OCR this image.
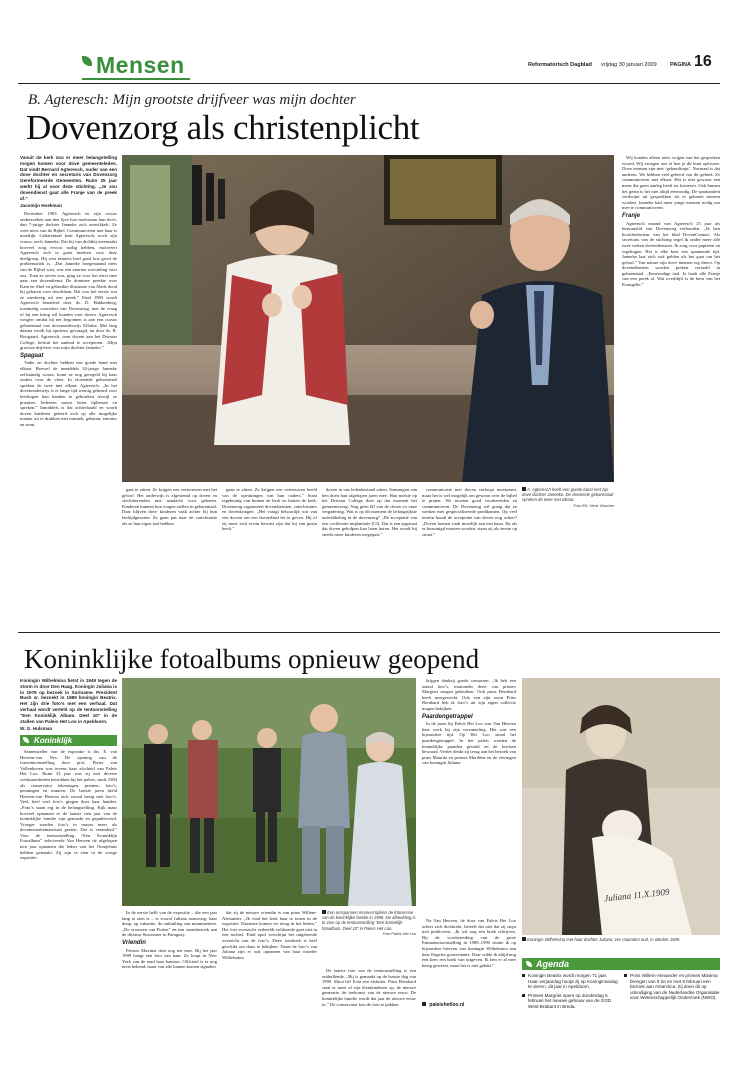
Mensen	Reformatorisch Dagblad vrijdag 30 januari 2009 PAGINA 16
B. Agteresch: Mijn grootste drijfveer was mijn dochter
Dovenzorg als christenplicht

Vanuit de kerk zou er meer belangstelling mogen komen voor dove gemeenteleden. Dat vindt Bernard Agteresch, ouder van een dove dochter en secretaris van Dovenzorg Gereformeerde Gemeenten. Ruim 25 jaar werkt hij al voor deze stichting. „Je zou dovendienst gaat alle Franje van de preek af.”

Jacomijn Hoekman

December 1983. Agteresch en zijn vrouw onderzoeken aan den lijve hoe moeizaam hun dove, dan 7-jarige dochter Janneke zich ontwikkelt. Ze weet niets van de Bijbel. Communiceren met haar is moeilijk. Gebarentaal kent Agteresch, noch zijn vrouw, noch Janneke. Dat hij van dichtbij meemaakt hoeveel zorg ervoor nodig hebben, motiveert Agteresch zich te gaan inzetten voor deze doelgroep. Hij wist immers heel goed hoe groot de problematiek is. „Dat Janneke hoegenaamd niets van de Bijbel wist, was een enorme worsteling voor ons. Toen ze zeven was, ging ze voor het eerst mee naar een dovendienst. De dominee preekte over Kain en Abel en gebruikte illustratie van Abels dood bij gebaren voor doodslaan. Dat was het eerste wat ze meekreeg uit een preek.” Eind 1983 wordt Agteresch benaderd door ds. D. Hakkenberg, toenmalig voorzitter van Dovenzorg, met de vraag of hij een kring wil houden voor doven. Agteresch weigert omdat hij net begonnen is aan een cursus gebarentaal van dovenonderwijs Effatha. Met lang daarna wordt hij opnieuw gevraagd, nu door ds. R. Boogaard. Agteresch, toen docent aan het Driestar College, besluit het aanbod te accepteren. „Mijn grootste drijfveer was mijn dochter Janneke.”

Spagaat

Vader en dochter hebben een goede band met elkaar. Hoewel de inmiddels 32-jarige Janneke zelfstandig woont, komt ze nog geregeld bij haar ouders over de vloer. In vloeiende gebarentaal spreken de twee met elkaar. Agteresch: „In het dovenonderwijs is er lange tijd weinig gebeurd voor leerlingen hun handen te gebruiken terwijl ze praatten. Iedereen moest leren lipleezen en spreken.” Inmiddels is dat achterhaald en wordt doven kinderen geleerd zich op alle mogelijke manier uit te drukken met mimiek, gebaren, emoties en stem.

gaat te zitten. Ze krijgen een vertrouwen met het geloof. Het onderwijs is afgestemd op doven en slechthorenden met aandacht voor gebaren. Kinderen kunnen hun vragen stellen in gebarentaal. Daar blijven dove kinderen vaak achter bij hun leeftijdgenoten. Ze gaan pas naar de catechisatie als ze hun eigen taal hebben.

gaan te zitten. Ze krijgen een vertrouwen beeld van de opvattingen van hun ouders.” Staat regelmatig van binnen de kerk en buiten de kerk. Dovenzorg organiseert dovendiensten, catechisaties en dovenkringen. „Het vraagt behoorlijk wat van een docent om een dovenkind les te geven. Hij of zij moet zich ervan bewust zijn dat hij een gezin heeft.”

doven in ons ledenbestand zitten. Sommigen van hen doen hun afgelopen jaren mee. Hun meisje op het Driestar College doet op dat moment het gemeentezorg. Nog geen 60 van de doven in onze vergadering. Wat is op dit moment de belangrijkste ontwikkeling in de dovenzorg? „De acceptatie van een cochleaire implantatie (CI). Dat is een apparaat dat doven geholpen kan laten horen. Het wordt bij steeds meer kinderen toegepast.”

communicatie met doven verloopt moeizaam, maar het is wel mogelijk om gewoon over de bijbel te praten. We moeten goed voorbereiden en communiceren. De Dovenzorg wil graag dat ze werken met gespecialiseerde predikanten. Op veel terrein houdt de acceptatie van doven nog achter? „Doven komen vaak moeilijk aan een baan. En als er bezuinigd moeten worden, staan zij als eerste op straat.”

A. Agteresch heeft een goede band met zijn dove dochter Janneke. De vloeiende gebarentaal spreken de twee met elkaar.
Foto RD, Henk Visscher

Wij konden alleen niets volgen van het gesproken woord. Wij vroegen ons af hoe je dit kunt oplossen. Dove mensen zijn niet ‘gehandicapt’. Normaal is dat anderen. We hebben veel geleerd van dit gebied. Ze communiceren met elkaar. Het is niet gewoon een mens die geen aanleg heeft tot luisteren. Ook binnen het gezin is het niet altijd eenvoudig. De spontaniteit verdwijnt uit gesprekken als er gebaren moeten worden. Janneke had meer jonge mensen nodig om mee te communiceren.

Franje

Agteresch maand van Agteresch 25 jaar als bestuurslid van Dovenzorg verbonden. „Ik ben hoofdredacteur van het blad DovenContact. Als secretaris van de stichting regel ik onder meer alle twee weken dovendiensten. Ik zorg voor papieren en regelingen. Het is elke keer een spannende tijd. Janneke laat zich ook gelden als het gaat om het geloof.” Van nature zijn dove mensen erg direct. Op dovendiensten worden preken vertaald in gebarentaal. „Eenvoudige taal. Je haalt alle Franje van een preek af. Wat overblijft is de kern van het Evangelie.”

Koninklijke fotoalbums opnieuw geopend

Koningin Wilhelmina fietst in 1949 tegen de storm in door Den Haag. Koningin Juliana is in 1979 op bezoek in Suriname. President Bush sr. bezoekt in 1989 koningin Beatrix. Het zijn drie foto’s met een verhaal. Dat verhaal wordt verteld op de tentoonstelling “Een Koninklijk Album. Deel 10” in de stallen van Paleis Het Loo in Apeldoorn.

W. G. Hulsman

Koninklijk

Samensteller van de expositie is drs. E. van Heuven-van Nes. De opening van de fototentoonstelling door prof. Pieter van Vollenhoven was tevens haar afscheid van Paleis Het Loo. Ruim 33 jaar was zij met diverse werkzaamheden betrokken bij het paleis, sinds 1984 als conservator tekeningen, prenten, foto’s, penningen en munten. De laatste jaren hield Heuven-van Heuven zich vooral bezig met foto’s. Veel, heel veel foto’s gingen door haar handen. „Foto’s staan erg in de belangstelling. Kijk maar hoeveel opnamen er de laatste tien jaar van de koninklijke familie zijn gemaakt en gepubliceerd. Vroeger werden foto’s in musea meer als documentatiemateriaal gezien. Dat is veranderd.” Voor de tentoonstelling “Een Koninklijk Fotoalbum” selecteerde Van Heuven de afgelopen tien jaar opnamen die leden van het Oranjehuis hebben gemaakt. Zij zijn te zien in de vorige expositie.

In de eerste helft van de expositie – die een jaar lang te zien is – is vooral Juliana aanwezig: haar doop, op vakantie, de onthulling van monumenten. „De vrouwen van Putten” en een staatsbezoek aan de dictator Stroessner in Paraguay.

Vriendin

Prinses Maxima doet nog net mee. Bij het jaar 1999 hangt een foto van haar. Ze loopt in New York van de raad haar kantoor. Officieel is er nog niets bekend, maar van alle kanten komen signalen

dat zij de nieuwe vriendin is van prins Willem-Alexander. „Ik vind het leuk haar te tonen in de expositie. Daarmee komen we terug in het heden.” Het foto-overzicht verbeeldt voldoende gaat niet in een archief. Eind april verschijnt het uitgebreide overzicht van de foto’s. Deze fotoboek is heel geschikt om thuis te bekijken. Naast de foto’s van Juliana zijn er ook opnamen van haar moeder Wilhelmina.

Een ontspannen moment tijdens de fotosessie van de koninklijke familie in 1998. De afbeelding is te zien op de tentoonstelling “Een koninklijk fotoalbum. Deel 10” in Paleis Het Loo.
Foto Paleis Het Loo

De laatste foto van de tentoonstelling is een onthullende. „Bij is gemaakt op de laatste dag van 1999. Mooi hè! Echt een afsluiter. Prins Bernhard staat er meer al zijn kleinkinderen op, de nieuwe generatie, de toekomst van de nieuwe eeuw. De koninklijke familie wordt dat jaar de nieuwe eeuw in.” De conservator ken de foto te pakken

krijgen dankzij goede contacten. „Ik heb een aantal foto’s, waaronder deze, van prinses Margriet mogen gebruiken. Ook prins Bernhard heeft meegewerkt. Ook van zijn zoon Prins Bernhard heb ik foto’s uit zijn eigen collectie mogen bekijken.

Paardengetrappel

In de jaren bij Paleis Het Loo was Van Heuven haar werk bij zijn verzameling. Het was een bijzondere tijd. Op Het Loo stond het paardengetrappel. In het paleis werden de koninklijke paarden gestald en de koetsen bewaard. Verder denkt zij terug aan het bezoek van prins Mauritz en prinses Marilène en de vieringen van koningin Juliana.

Na Van Heuven, de door van Paleis Het Loo achter zich dichttrekt, beleeft dat niet dat zij stopt met publiceren. „Ik wil nog een boek schrijven. Bij de voorbereiding van de grote Emmatentoonstelling in 1989–1990 stuitte ik op bijzondere brieven van koningin Wilhelmina aan haar Engelse gouvernante. Daar wilde ik altijd nog een keer een boek van uitgeven. Ik ben er al mee bezig geweest, maar het is niet gelukt.”

Juliana 11.X.1909
Koningin Wilhelmina met haar dochter Juliana, zes maanden oud, in oktober 1909.
paleishetloo.nl
Agenda
Koningin Beatrix wordt morgen 71 jaar. Haar verjaardag hoopt zij op Koninginnedag te vieren, dit jaar in Apeldoorn.
Prinses Margriet opent op donderdag 5 februari het nieuwe gebouw van de GGD West-Brabant in Breda.
Prins Willem-Alexander en prinses Máxima brengen van 8 tot en met 9 februari een bezoek aan Antarctica. Zij doen dit op uitnodiging van de Nederlandse Organisatie voor Wetenschappelijk Onderzoek (NWO).
